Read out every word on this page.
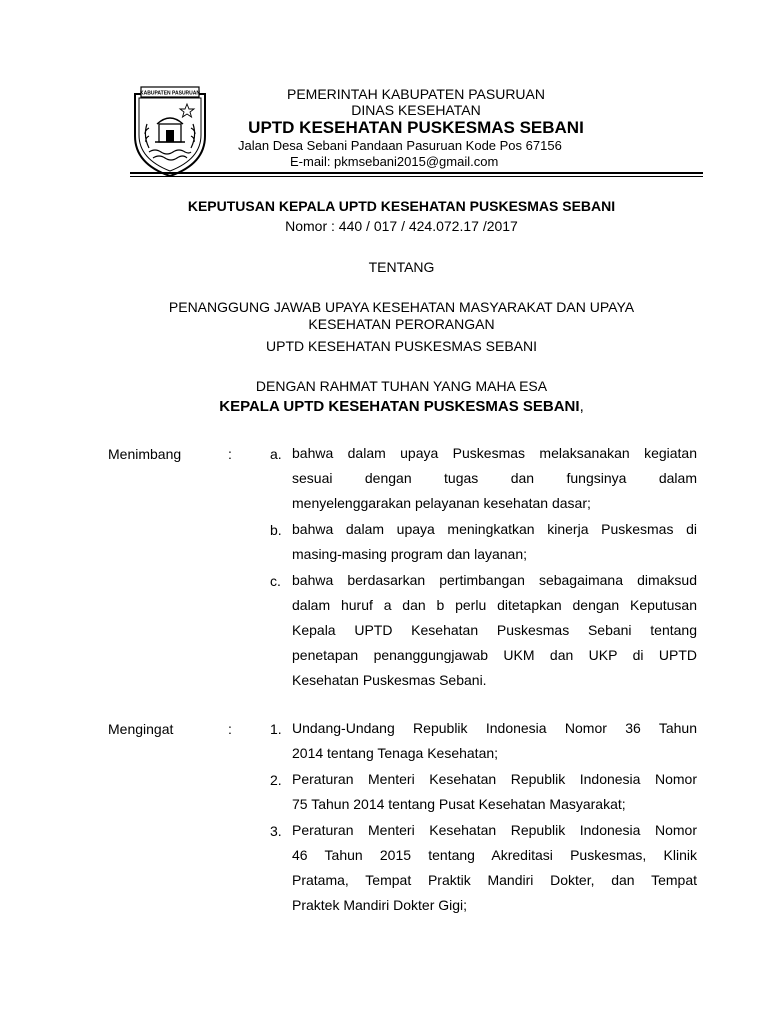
KABUPATEN PASURUAN	PEMERINTAH KABUPATEN PASURUAN
DINAS KESEHATAN
UPTD KESEHATAN PUSKESMAS SEBANI
Jalan Desa Sebani Pandaan Pasuruan Kode Pos 67156
E-mail: pkmsebani2015@gmail.com
KEPUTUSAN KEPALA UPTD KESEHATAN PUSKESMAS SEBANI
Nomor : 440 / 017 / 424.072.17 /2017
TENTANG
PENANGGUNG JAWAB UPAYA KESEHATAN MASYARAKAT DAN UPAYA
KESEHATAN PERORANGAN
UPTD KESEHATAN PUSKESMAS SEBANI
DENGAN RAHMAT TUHAN YANG MAHA ESA
KEPALA UPTD KESEHATAN PUSKESMAS SEBANI,
Menimbang	:	a. bahwa dalam upaya Puskesmas melaksanakan kegiatan
sesuai dengan tugas dan fungsinya dalam
menyelenggarakan pelayanan kesehatan dasar;

b. bahwa dalam upaya meningkatkan kinerja Puskesmas di
masing-masing program dan layanan;

c. bahwa berdasarkan pertimbangan sebagaimana dimaksud
dalam huruf a dan b perlu ditetapkan dengan Keputusan
Kepala UPTD Kesehatan Puskesmas Sebani tentang
penetapan penanggungjawab UKM dan UKP di UPTD
Kesehatan Puskesmas Sebani.

Mengingat	:	1. Undang-Undang Republik Indonesia Nomor 36 Tahun
2014 tentang Tenaga Kesehatan;

2. Peraturan Menteri Kesehatan Republik Indonesia Nomor
75 Tahun 2014 tentang Pusat Kesehatan Masyarakat;

3. Peraturan Menteri Kesehatan Republik Indonesia Nomor
46 Tahun 2015 tentang Akreditasi Puskesmas, Klinik
Pratama, Tempat Praktik Mandiri Dokter, dan Tempat
Praktek Mandiri Dokter Gigi;
